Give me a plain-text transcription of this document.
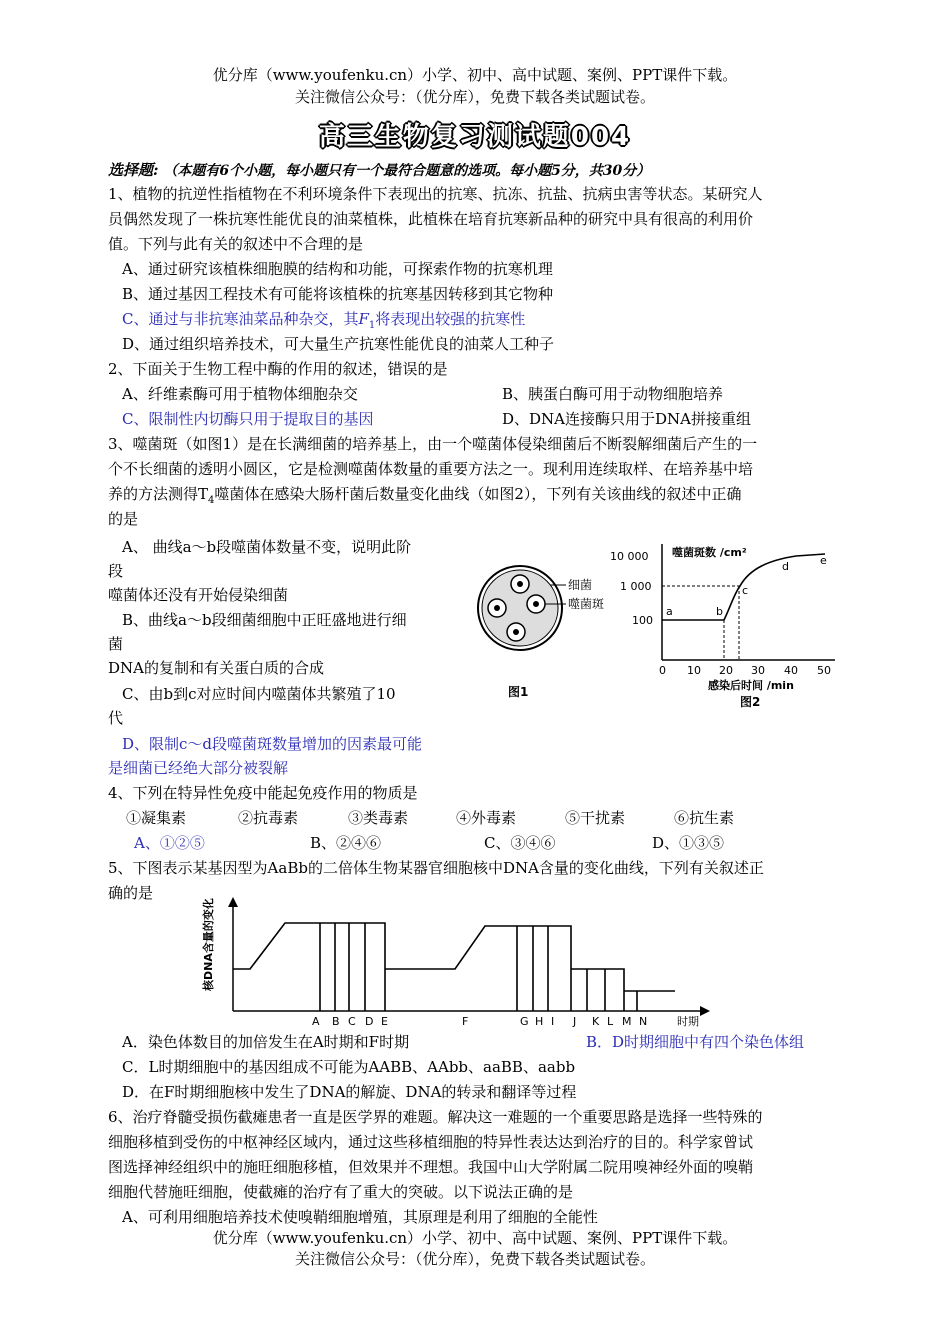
优分库（www.youfenku.cn）小学、初中、高中试题、案例、PPT课件下载。
关注微信公众号：（优分库），免费下载各类试题试卷。
高三生物复习测试题004
选择题: （本题有6个小题，每小题只有一个最符合题意的选项。每小题5分，共30分）
1、植物的抗逆性指植物在不利环境条件下表现出的抗寒、抗冻、抗盐、抗病虫害等状态。某研究人
员偶然发现了一株抗寒性能优良的油菜植株，此植株在培育抗寒新品种的研究中具有很高的利用价
值。下列与此有关的叙述中不合理的是
A、通过研究该植株细胞膜的结构和功能，可探索作物的抗寒机理
B、通过基因工程技术有可能将该植株的抗寒基因转移到其它物种
C、通过与非抗寒油菜品种杂交，其$F_1$将表现出较强的抗寒性
D、通过组织培养技术，可大量生产抗寒性能优良的油菜人工种子
2、下面关于生物工程中酶的作用的叙述，错误的是
A、纤维素酶可用于植物体细胞杂交	B、胰蛋白酶可用于动物细胞培养
C、限制性内切酶只用于提取目的基因	D、DNA连接酶只用于DNA拼接重组
3、噬菌斑（如图1）是在长满细菌的培养基上，由一个噬菌体侵染细菌后不断裂解细菌后产生的一
个不长细菌的透明小圆区，它是检测噬菌体数量的重要方法之一。现利用连续取样、在培养基中培
养的方法测得$T_4$噬菌体在感染大肠杆菌后数量变化曲线（如图2），下列有关该曲线的叙述中正确
的是
A、 曲线a～b段噬菌体数量不变，说明此阶
段
噬菌体还没有开始侵染细菌
B、曲线a～b段细菌细胞中正旺盛地进行细
菌
DNA的复制和有关蛋白质的合成
C、由b到c对应时间内噬菌体共繁殖了10
代
D、限制c～d段噬菌斑数量增加的因素最可能
是细菌已经绝大部分被裂解
细菌
噬菌斑
图1
噬菌斑数 /cm²
10 000
1 000
100
a	b
c
d	e
0 10 20 30 40 50
感染后时间 /min
图2
4、下列在特异性免疫中能起免疫作用的物质是
①凝集素	②抗毒素	③类毒素	④外毒素	⑤干扰素	⑥抗生素
A、①②⑤	B、②④⑥	C、③④⑥	D、①③⑤
5、下图表示某基因型为AaBb的二倍体生物某器官细胞核中DNA含量的变化曲线，下列有关叙述正
确的是
核DNA含量的变化
A B C D E	F	G H I J K L M N	时期
A．染色体数目的加倍发生在A时期和F时期	B．D时期细胞中有四个染色体组
C．L时期细胞中的基因组成不可能为AABB、AAbb、aaBB、aabb
D．在F时期细胞核中发生了DNA的解旋、DNA的转录和翻译等过程
6、治疗脊髓受损伤截瘫患者一直是医学界的难题。解决这一难题的一个重要思路是选择一些特殊的
细胞移植到受伤的中枢神经区域内，通过这些移植细胞的特异性表达达到治疗的目的。科学家曾试
图选择神经组织中的施旺细胞移植，但效果并不理想。我国中山大学附属二院用嗅神经外面的嗅鞘
细胞代替施旺细胞，使截瘫的治疗有了重大的突破。以下说法正确的是
A、可利用细胞培养技术使嗅鞘细胞增殖，其原理是利用了细胞的全能性
优分库（www.youfenku.cn）小学、初中、高中试题、案例、PPT课件下载。
关注微信公众号：（优分库），免费下载各类试题试卷。
